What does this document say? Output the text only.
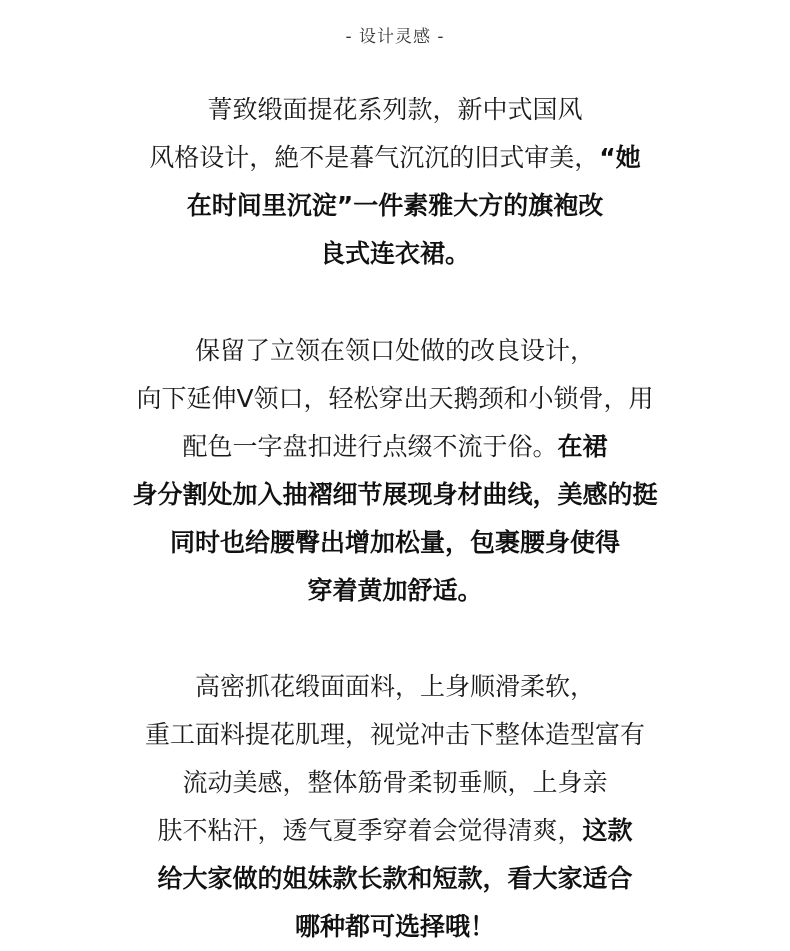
- 设计灵感 -
菁致缎面提花系列款，新中式国风
风格设计，絶不是暮气沉沉的旧式审美，“她
在时间里沉淀”一件素雅大方的旗袍改
良式连衣裙。
保留了立领在领口处做的改良设计，
向下延伸V领口，轻松穿出天鹅颈和小锁骨，用
配色一字盘扣进行点缀不流于俗。在裙
身分割处加入抽褶细节展现身材曲线，美感的挺
同时也给腰臀出增加松量，包裹腰身使得
穿着黄加舒适。
高密抓花缎面面料，上身顺滑柔软，
重工面料提花肌理，视觉冲击下整体造型富有
流动美感，整体筋骨柔韧垂顺，上身亲
肤不粘汗，透气夏季穿着会觉得清爽，这款
给大家做的姐妹款长款和短款，看大家适合
哪种都可选择哦！
